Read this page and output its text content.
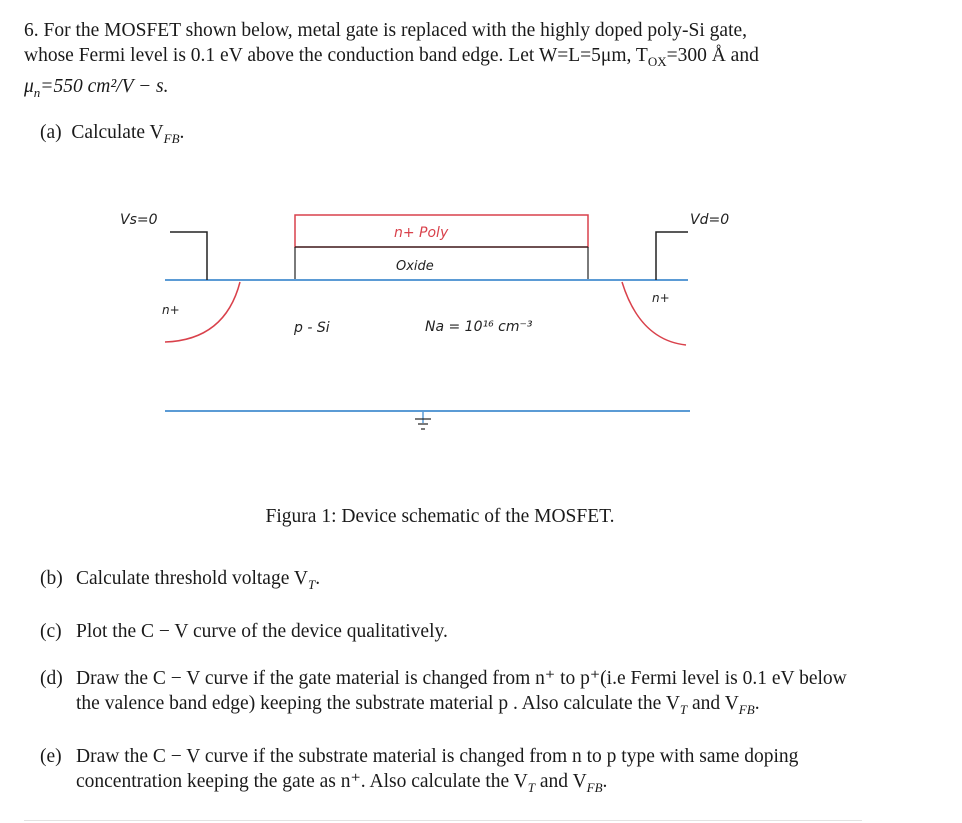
6. For the MOSFET shown below, metal gate is replaced with the highly doped poly-Si gate,

whose Fermi level is 0.1 eV above the conduction band edge. Let W=L=5μm, $T_{OX}=300$ Å and

$\mu_n=550$ cm²/V − s.

(a) Calculate $V_{FB}$.
n+ Poly
Oxide
p - Si	Na = 10¹⁶ cm⁻³
n+
n+
Vs=0	Vd=0
Figura 1: Device schematic of the MOSFET.
(b) Calculate threshold voltage $V_T$.
(c) Plot the C − V curve of the device qualitatively.
(d) Draw the C − V curve if the gate material is changed from n⁺ to p⁺(i.e Fermi level is 0.1 eV below the valence band edge) keeping the substrate material p . Also calculate the $V_T$ and $V_{FB}$.
(e) Draw the C − V curve if the substrate material is changed from n to p type with same doping concentration keeping the gate as n⁺. Also calculate the $V_T$ and $V_{FB}$.
